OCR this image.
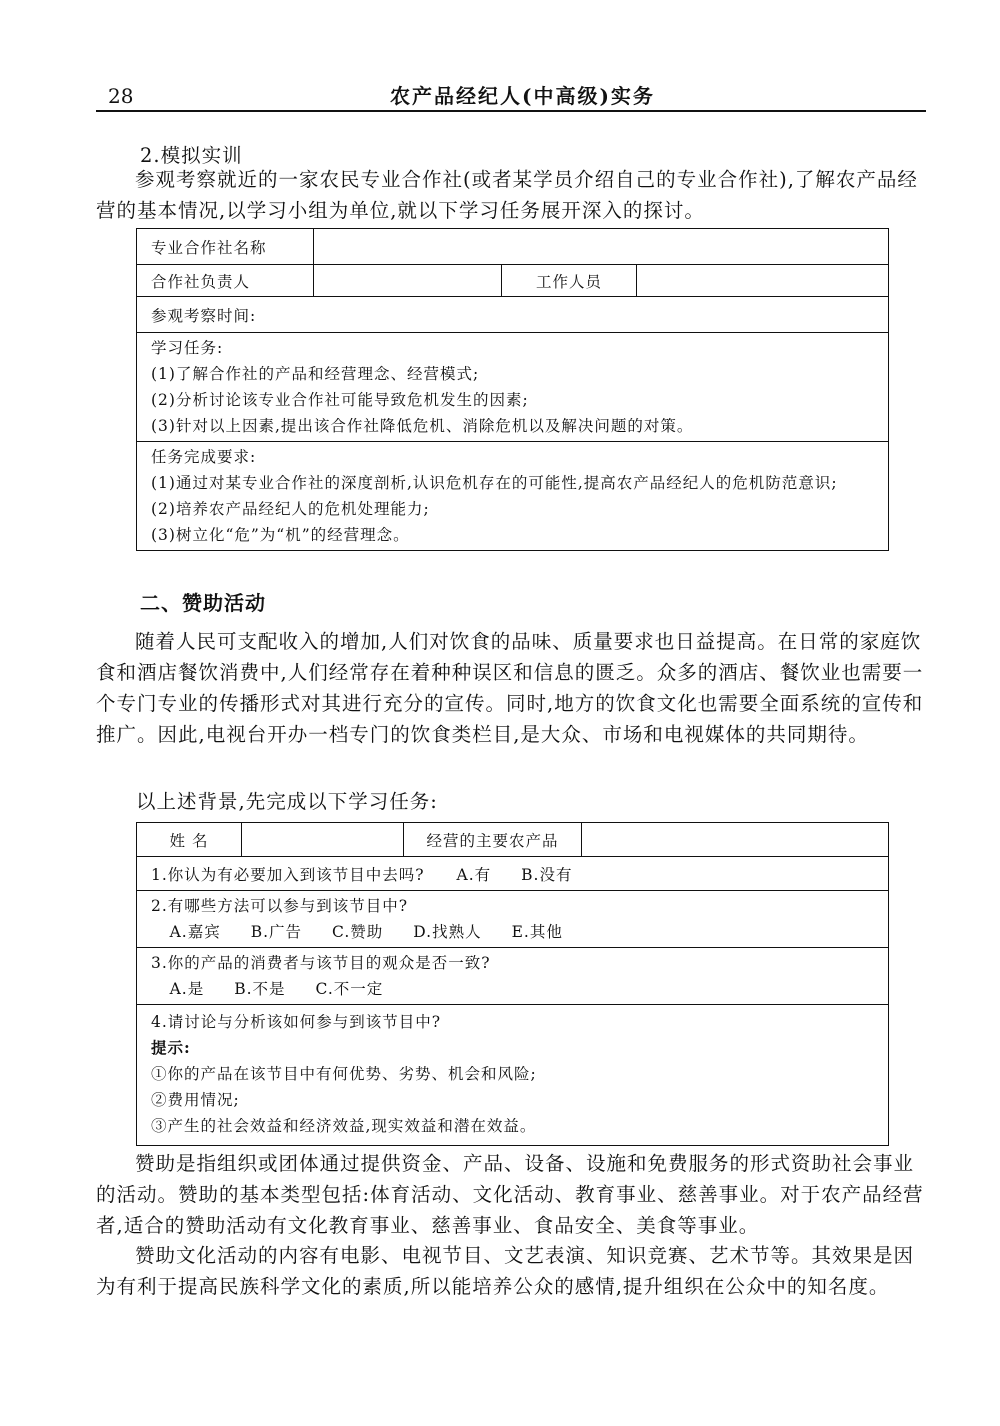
28	农产品经纪人(中高级)实务
2.模拟实训
参观考察就近的一家农民专业合作社(或者某学员介绍自己的专业合作社),了解农产品经营的基本情况,以学习小组为单位,就以下学习任务展开深入的探讨。
专业合作社名称			
合作社负责人		工作人员	
参观考察时间:			

学习任务:
(1)了解合作社的产品和经营理念、经营模式;
(2)分析讨论该专业合作社可能导致危机发生的因素;
(3)针对以上因素,提出该合作社降低危机、消除危机以及解决问题的对策。			

任务完成要求:
(1)通过对某专业合作社的深度剖析,认识危机存在的可能性,提高农产品经纪人的危机防范意识;
(2)培养农产品经纪人的危机处理能力;
(3)树立化“危”为“机”的经营理念。			
二、赞助活动
随着人民可支配收入的增加,人们对饮食的品味、质量要求也日益提高。在日常的家庭饮食和酒店餐饮消费中,人们经常存在着种种误区和信息的匮乏。众多的酒店、餐饮业也需要一个专门专业的传播形式对其进行充分的宣传。同时,地方的饮食文化也需要全面系统的宣传和推广。因此,电视台开办一档专门的饮食类栏目,是大众、市场和电视媒体的共同期待。
以上述背景,先完成以下学习任务:
姓 名		经营的主要农产品	
1.你认为有必要加入到该节目中去吗? A.有 B.没有

2.有哪些方法可以参与到该节目中?
A.嘉宾 B.广告 C.赞助 D.找熟人 E.其他

3.你的产品的消费者与该节目的观众是否一致?
A.是 B.不是 C.不一定

4.请讨论与分析该如何参与到该节目中?
提示:
①你的产品在该节目中有何优势、劣势、机会和风险;
②费用情况;
③产生的社会效益和经济效益,现实效益和潜在效益。
赞助是指组织或团体通过提供资金、产品、设备、设施和免费服务的形式资助社会事业的活动。赞助的基本类型包括:体育活动、文化活动、教育事业、慈善事业。对于农产品经营者,适合的赞助活动有文化教育事业、慈善事业、食品安全、美食等事业。
赞助文化活动的内容有电影、电视节目、文艺表演、知识竞赛、艺术节等。其效果是因为有利于提高民族科学文化的素质,所以能培养公众的感情,提升组织在公众中的知名度。
